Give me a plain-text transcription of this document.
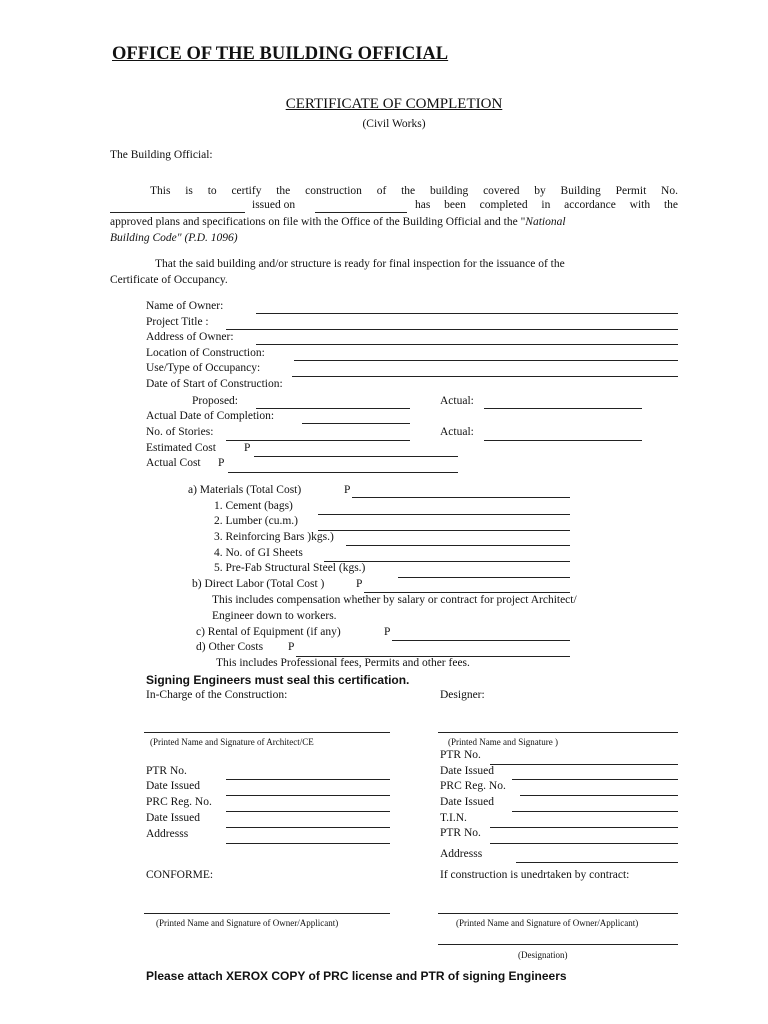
OFFICE OF THE BUILDING OFFICIAL
CERTIFICATE OF COMPLETION
(Civil Works)
The Building Official:
This is to certify the construction of the building covered by Building Permit No.
issued on	has been completed in accordance with the
approved plans and specifications on file with the Office of the Building Official and the "National
Building Code" (P.D. 1096)
That the said building and/or structure is ready for final inspection for the issuance of the
Certificate of Occupancy.
Name of Owner:
Project Title :
Address of Owner:
Location of Construction:
Use/Type of Occupancy:
Date of Start of Construction:
Proposed:	Actual:
Actual Date of Completion:
No. of Stories:	Actual:
Estimated Cost P
Actual Cost P
a) Materials (Total Cost)	P
1. Cement (bags)
2. Lumber (cu.m.)
3. Reinforcing Bars )kgs.)
4. No. of GI Sheets
5. Pre-Fab Structural Steel (kgs.)
b) Direct Labor (Total Cost )	P
This includes compensation whether by salary or contract for project Architect/
Engineer down to workers.
c) Rental of Equipment (if any)	P
d) Other Costs P
This includes Professional fees, Permits and other fees.
Signing Engineers must seal this certification.
In-Charge of the Construction:
(Printed Name and Signature of Architect/CE
PTR No.
Date Issued
PRC Reg. No.
Date Issued
Addresss
Designer:
(Printed Name and Signature )
PTR No.
Date Issued
PRC Reg. No.
Date Issued
T.I.N.
PTR No.
Addresss
CONFORME:
(Printed Name and Signature of Owner/Applicant)
If construction is unedrtaken by contract:
(Printed Name and Signature of Owner/Applicant)
(Designation)
Please attach XEROX COPY of PRC license and PTR of signing Engineers
